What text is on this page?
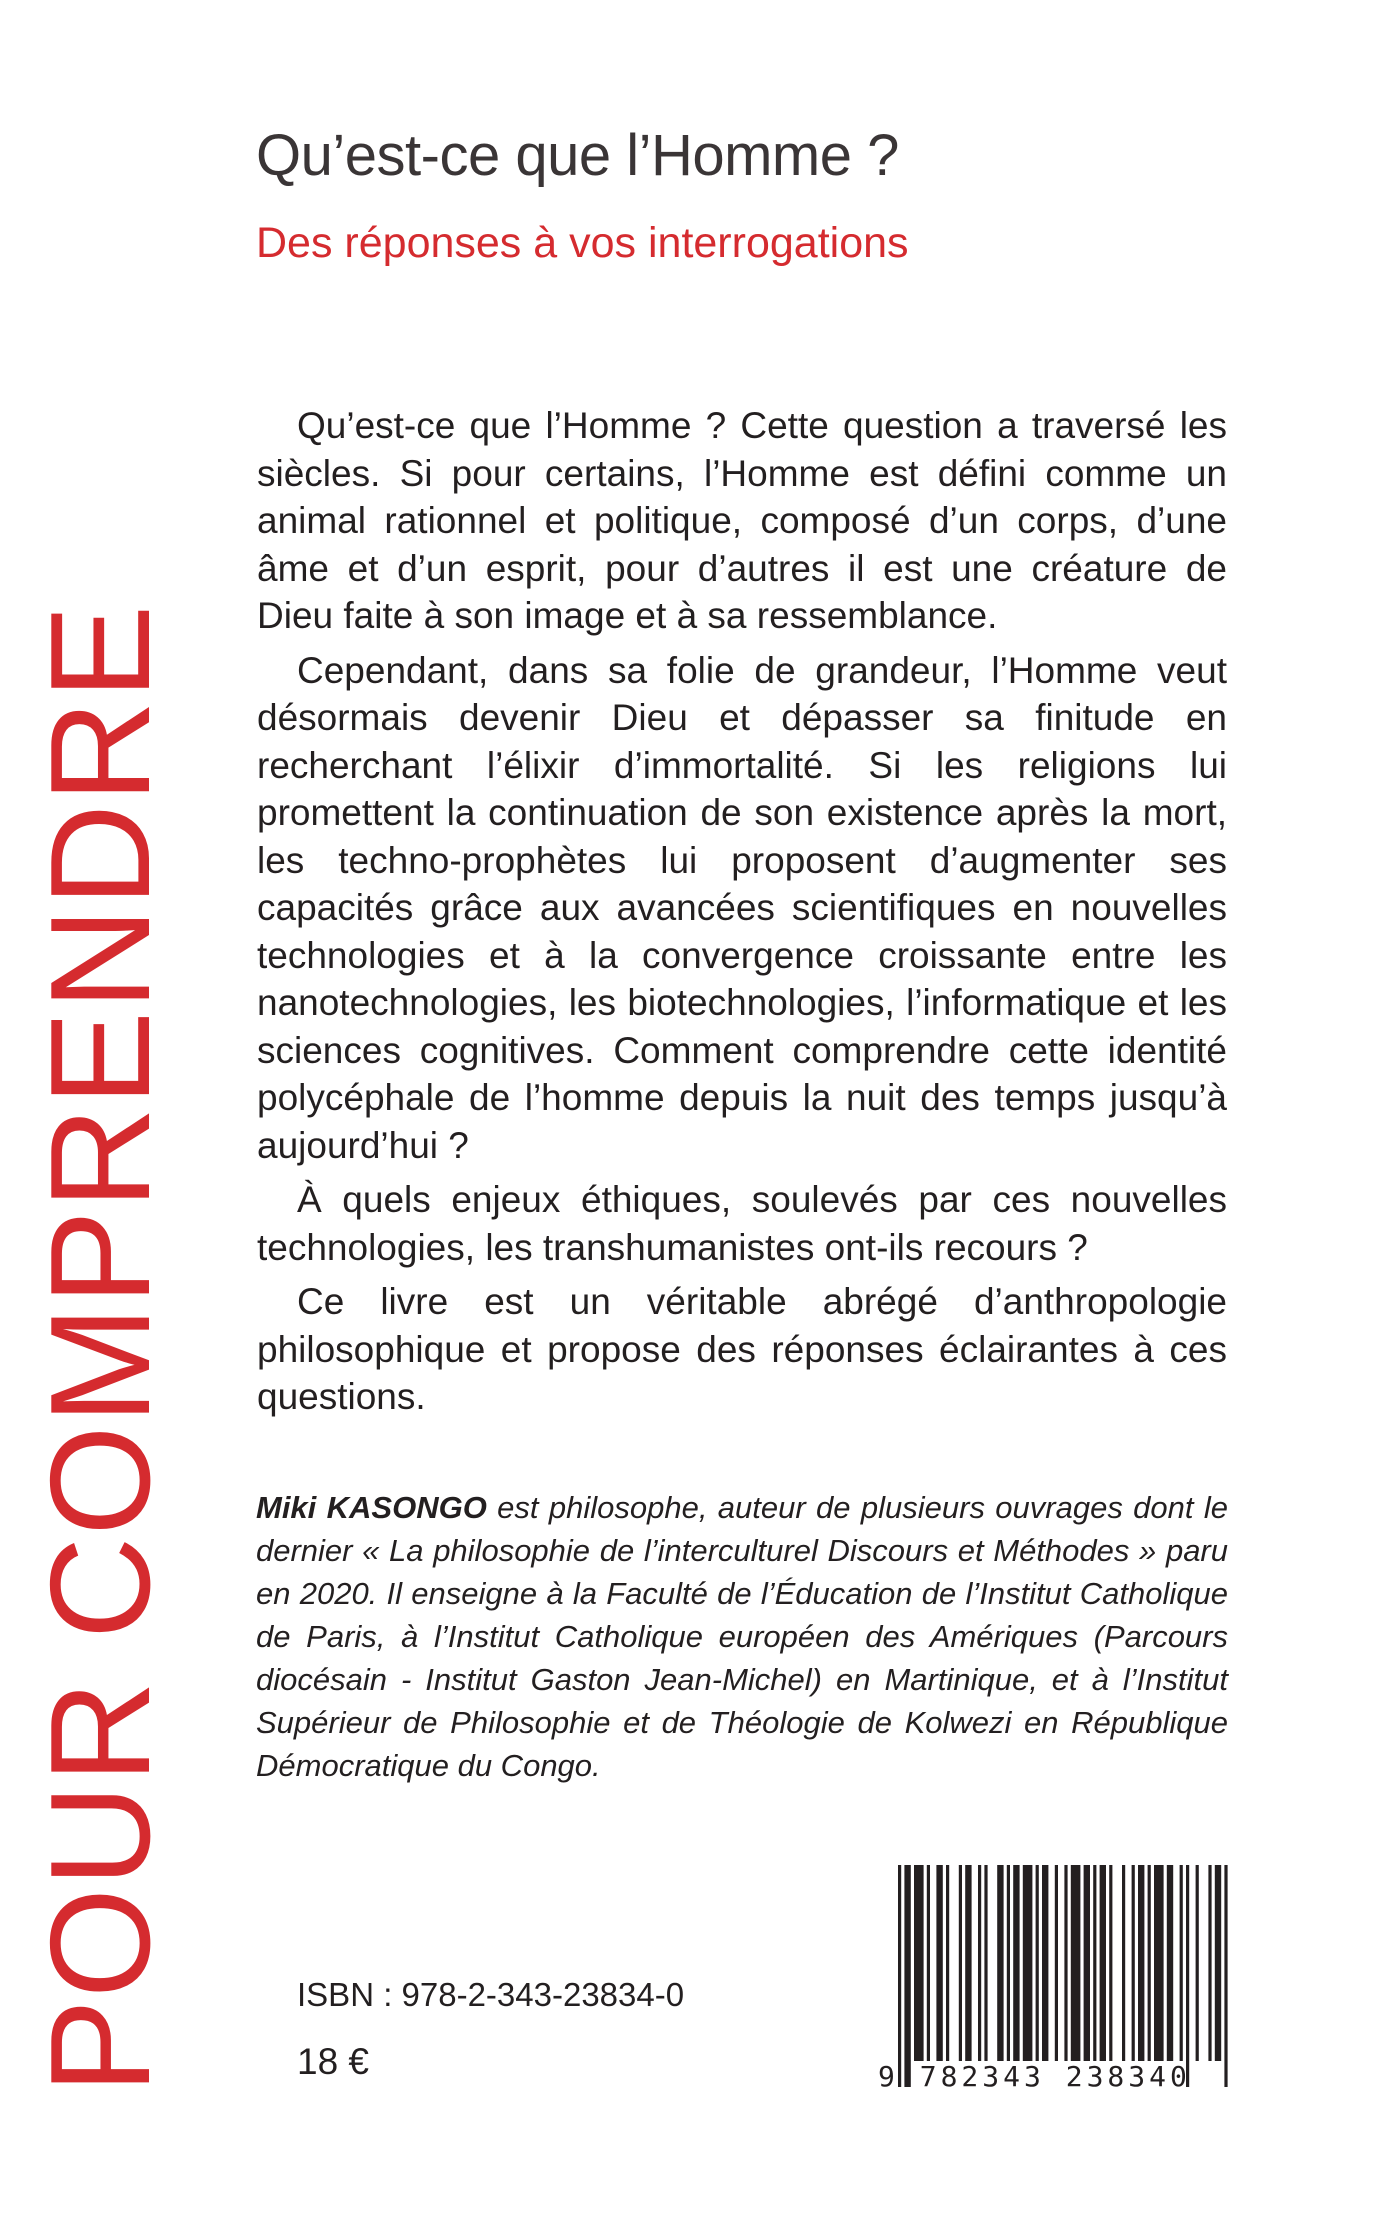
Qu’est-ce que l’Homme ?
Des réponses à vos interrogations

Qu’est-ce que l’Homme ? Cette question a traversé les siècles. Si pour certains, l’Homme est défini comme un animal rationnel et politique, composé d’un corps, d’une âme et d’un esprit, pour d’autres il est une créature de Dieu faite à son image et à sa ressemblance.

Cependant, dans sa folie de grandeur, l’Homme veut désormais devenir Dieu et dépasser sa finitude en recherchant l’élixir d’immortalité. Si les religions lui promettent la continuation de son existence après la mort, les techno-prophètes lui proposent d’augmenter ses capacités grâce aux avancées scientifiques en nouvelles technologies et à la convergence croissante entre les nanotechnologies, les biotechnologies, l’informatique et les sciences cognitives. Comment comprendre cette identité polycéphale de l’homme depuis la nuit des temps jusqu’à aujourd’hui ?

À quels enjeux éthiques, soulevés par ces nouvelles technologies, les transhumanistes ont-ils recours ?

Ce livre est un véritable abrégé d’anthropologie philosophique et propose des réponses éclairantes à ces questions.

Miki KASONGO est philosophe, auteur de plusieurs ouvrages dont le dernier « La philosophie de l’interculturel Discours et Méthodes » paru en 2020. Il enseigne à la Faculté de l’Éducation de l’Institut Catholique de Paris, à l’Institut Catholique européen des Amériques (Parcours diocésain - Institut Gaston Jean-Michel) en Martinique, et à l’Institut Supérieur de Philosophie et de Théologie de Kolwezi en République Démocratique du Congo.
POUR COMPRENDRE	ISBN : 978-2-343-23834-0
18 €	9 782343 238340
